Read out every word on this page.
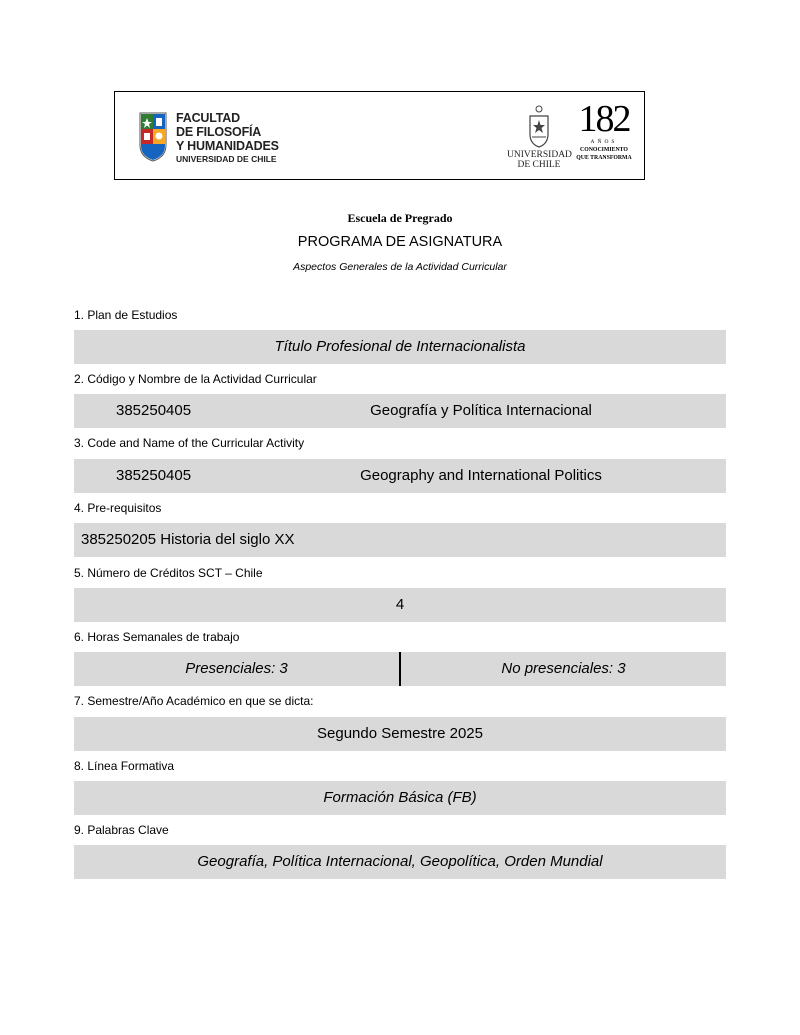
FACULTAD
DE FILOSOFÍA
Y HUMANIDADES
UNIVERSIDAD DE CHILE	UNIVERSIDAD
DE CHILE
182
AÑOS
CONOCIMIENTO
QUE TRANSFORMA
Escuela de Pregrado
PROGRAMA DE ASIGNATURA
Aspectos Generales de la Actividad Curricular
1. Plan de Estudios
Título Profesional de Internacionalista
2. Código y Nombre de la Actividad Curricular
385250405	Geografía y Política Internacional
3. Code and Name of the Curricular Activity
385250405	Geography and International Politics
4. Pre-requisitos
385250205 Historia del siglo XX
5. Número de Créditos SCT – Chile
4
6. Horas Semanales de trabajo
Presenciales: 3	No presenciales: 3
7. Semestre/Año Académico en que se dicta:
Segundo Semestre 2025
8. Línea Formativa
Formación Básica (FB)
9. Palabras Clave
Geografía, Política Internacional, Geopolítica, Orden Mundial
